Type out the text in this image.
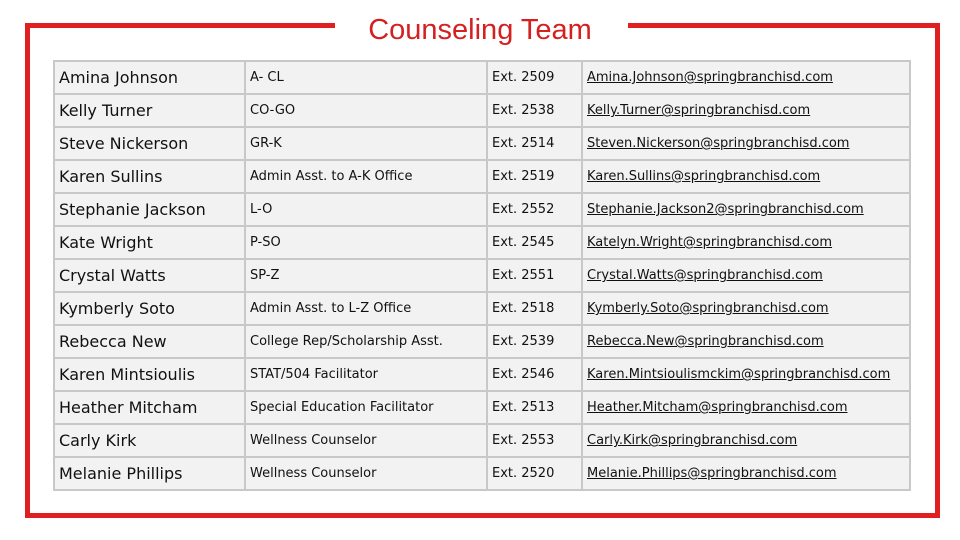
Counseling Team
Amina Johnson	A- CL	Ext. 2509	Amina.Johnson@springbranchisd.com
Kelly Turner	CO-GO	Ext. 2538	Kelly.Turner@springbranchisd.com
Steve Nickerson	GR-K	Ext. 2514	Steven.Nickerson@springbranchisd.com
Karen Sullins	Admin Asst. to A-K Office	Ext. 2519	Karen.Sullins@springbranchisd.com
Stephanie Jackson	L-O	Ext. 2552	Stephanie.Jackson2@springbranchisd.com
Kate Wright	P-SO	Ext. 2545	Katelyn.Wright@springbranchisd.com
Crystal Watts	SP-Z	Ext. 2551	Crystal.Watts@springbranchisd.com
Kymberly Soto	Admin Asst. to L-Z Office	Ext. 2518	Kymberly.Soto@springbranchisd.com
Rebecca New	College Rep/Scholarship Asst.	Ext. 2539	Rebecca.New@springbranchisd.com
Karen Mintsioulis	STAT/504 Facilitator	Ext. 2546	Karen.Mintsioulismckim@springbranchisd.com
Heather Mitcham	Special Education Facilitator	Ext. 2513	Heather.Mitcham@springbranchisd.com
Carly Kirk	Wellness Counselor	Ext. 2553	Carly.Kirk@springbranchisd.com
Melanie Phillips	Wellness Counselor	Ext. 2520	Melanie.Phillips@springbranchisd.com
